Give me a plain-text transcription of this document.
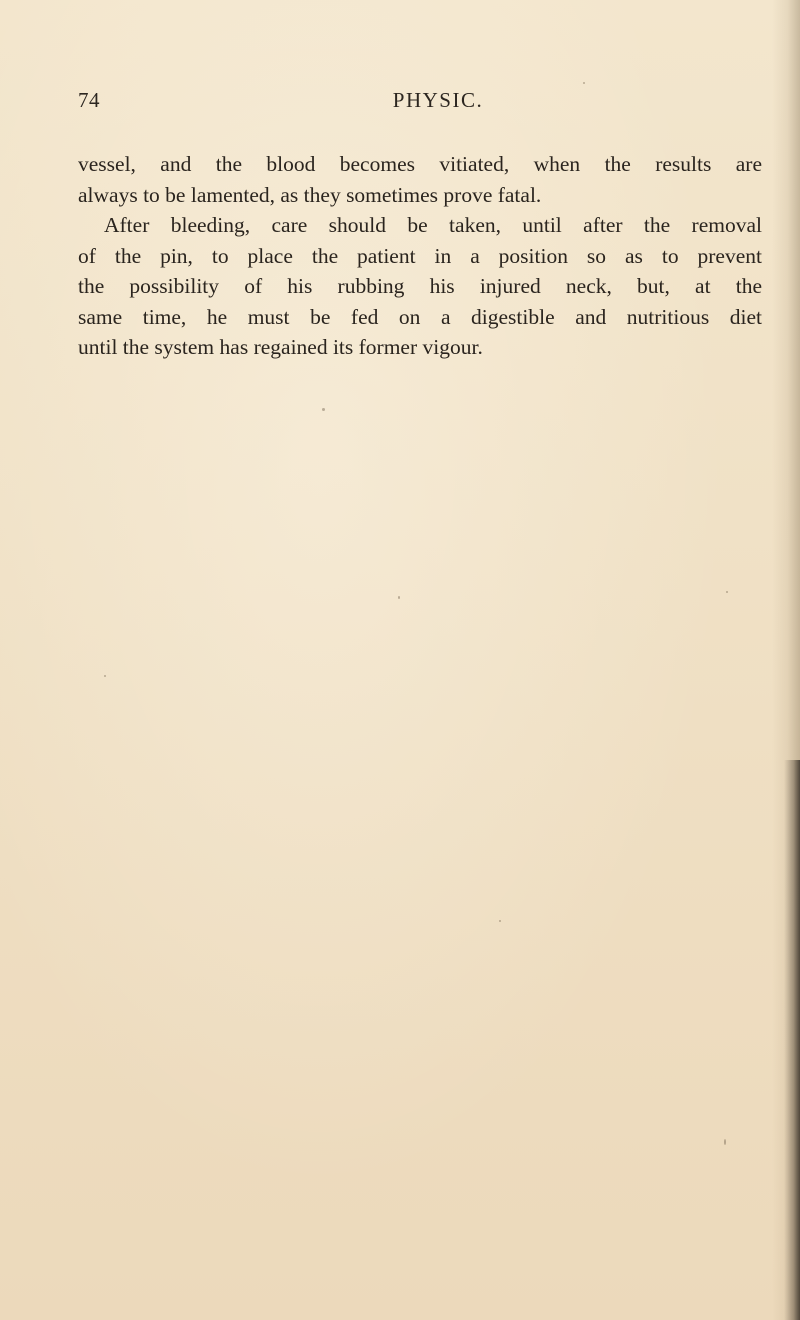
74	PHYSIC.
vessel, and the blood becomes vitiated, when the results are
always to be lamented, as they sometimes prove fatal.
After bleeding, care should be taken, until after the removal
of the pin, to place the patient in a position so as to prevent
the possibility of his rubbing his injured neck, but, at the
same time, he must be fed on a digestible and nutritious diet
until the system has regained its former vigour.
